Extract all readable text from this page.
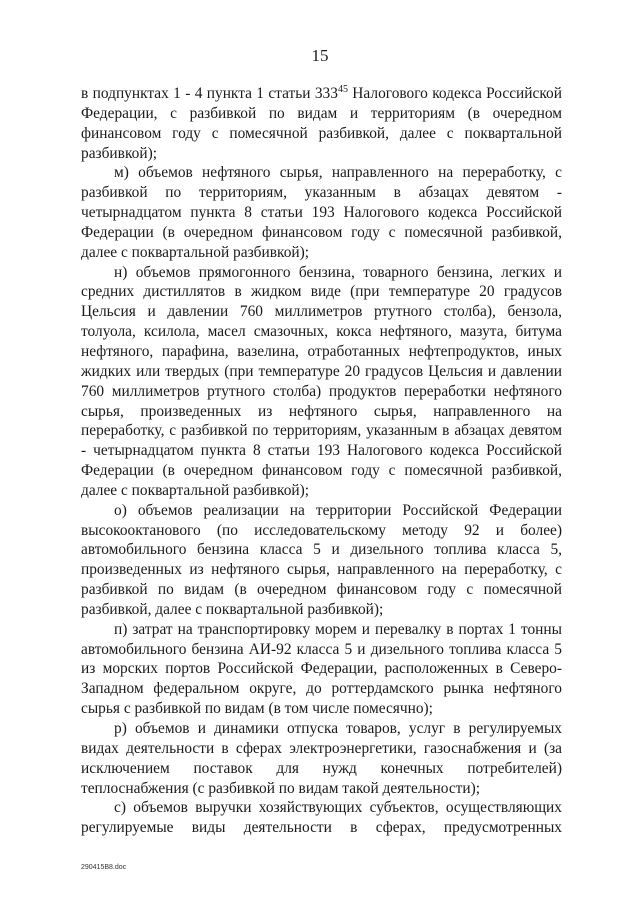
15

в подпунктах 1 - 4 пункта 1 статьи $333^{45}$ Налогового кодекса Российской Федерации, с разбивкой по видам и территориям (в очередном финансовом году с помесячной разбивкой, далее с поквартальной разбивкой);

м) объемов нефтяного сырья, направленного на переработку, с разбивкой по территориям, указанным в абзацах девятом - четырнадцатом пункта 8 статьи 193 Налогового кодекса Российской Федерации (в очередном финансовом году с помесячной разбивкой, далее с поквартальной разбивкой);

н) объемов прямогонного бензина, товарного бензина, легких и средних дистиллятов в жидком виде (при температуре 20 градусов Цельсия и давлении 760 миллиметров ртутного столба), бензола, толуола, ксилола, масел смазочных, кокса нефтяного, мазута, битума нефтяного, парафина, вазелина, отработанных нефтепродуктов, иных жидких или твердых (при температуре 20 градусов Цельсия и давлении 760 миллиметров ртутного столба) продуктов переработки нефтяного сырья, произведенных из нефтяного сырья, направленного на переработку, с разбивкой по территориям, указанным в абзацах девятом - четырнадцатом пункта 8 статьи 193 Налогового кодекса Российской Федерации (в очередном финансовом году с помесячной разбивкой, далее с поквартальной разбивкой);

о) объемов реализации на территории Российской Федерации высокооктанового (по исследовательскому методу 92 и более) автомобильного бензина класса 5 и дизельного топлива класса 5, произведенных из нефтяного сырья, направленного на переработку, с разбивкой по видам (в очередном финансовом году с помесячной разбивкой, далее с поквартальной разбивкой);

п) затрат на транспортировку морем и перевалку в портах 1 тонны автомобильного бензина АИ-92 класса 5 и дизельного топлива класса 5 из морских портов Российской Федерации, расположенных в Северо-Западном федеральном округе, до роттердамского рынка нефтяного сырья с разбивкой по видам (в том числе помесячно);

р) объемов и динамики отпуска товаров, услуг в регулируемых видах деятельности в сферах электроэнергетики, газоснабжения и (за исключением поставок для нужд конечных потребителей) теплоснабжения (с разбивкой по видам такой деятельности);

с) объемов выручки хозяйствующих субъектов, осуществляющих регулируемые виды деятельности в сферах, предусмотренных

290415B8.doc
